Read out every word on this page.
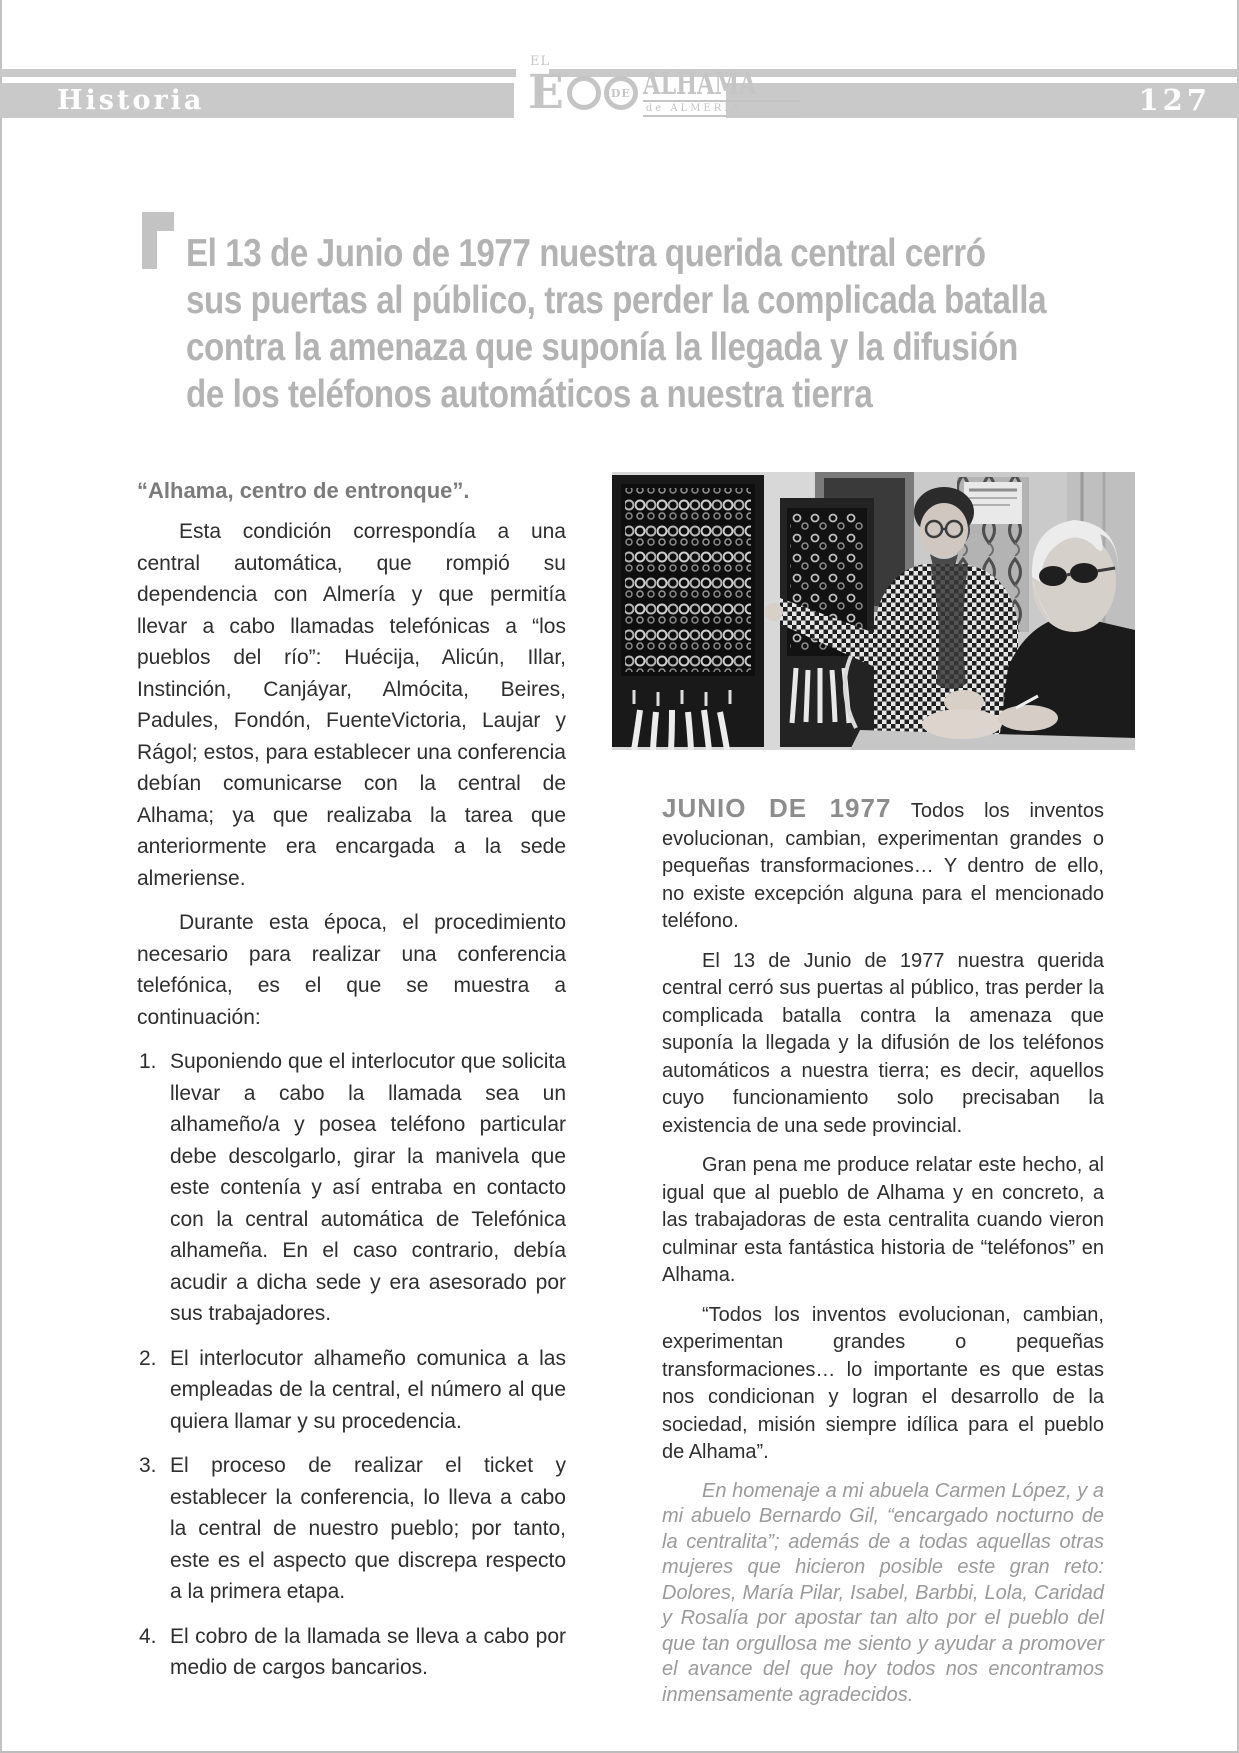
Historia	127
EL
E	DE ALHAMA
de ALMERÍA
El 13 de Junio de 1977 nuestra querida central cerró
sus puertas al público, tras perder la complicada batalla
contra la amenaza que suponía la llegada y la difusión
de los teléfonos automáticos a nuestra tierra
“Alhama, centro de entronque”.

Esta condición correspondía a una central automática, que rompió su dependencia con Almería y que permitía llevar a cabo llamadas telefónicas a “los pueblos del río”: Huécija, Alicún, Illar, Instinción, Canjáyar, Almócita, Beires, Padules, Fondón, FuenteVictoria, Laujar y Rágol; estos, para establecer una conferencia debían comunicarse con la central de Alhama; ya que realizaba la tarea que anteriormente era encargada a la sede almeriense.

Durante esta época, el procedimiento necesario para realizar una conferencia telefónica, es el que se muestra a continuación:

1. Suponiendo que el interlocutor que solicita llevar a cabo la llamada sea un alhameño/a y posea teléfono particular debe descolgarlo, girar la manivela que este contenía y así entraba en contacto con la central automática de Telefónica alhameña. En el caso contrario, debía acudir a dicha sede y era asesorado por sus trabajadores.
2. El interlocutor alhameño comunica a las empleadas de la central, el número al que quiera llamar y su procedencia.
3. El proceso de realizar el ticket y establecer la conferencia, lo lleva a cabo la central de nuestro pueblo; por tanto, este es el aspecto que discrepa respecto a la primera etapa.
4. El cobro de la llamada se lleva a cabo por medio de cargos bancarios.

JUNIO DE 1977 Todos los inventos evolucionan, cambian, experimentan grandes o pequeñas transformaciones… Y dentro de ello, no existe excepción alguna para el mencionado teléfono.

El 13 de Junio de 1977 nuestra querida central cerró sus puertas al público, tras perder la complicada batalla contra la amenaza que suponía la llegada y la difusión de los teléfonos automáticos a nuestra tierra; es decir, aquellos cuyo funcionamiento solo precisaban la existencia de una sede provincial.

Gran pena me produce relatar este hecho, al igual que al pueblo de Alhama y en concreto, a las trabajadoras de esta centralita cuando vieron culminar esta fantástica historia de “teléfonos” en Alhama.

“Todos los inventos evolucionan, cambian, experimentan grandes o pequeñas transformaciones… lo importante es que estas nos condicionan y logran el desarrollo de la sociedad, misión siempre idílica para el pueblo de Alhama”.

En homenaje a mi abuela Carmen López, y a mi abuelo Bernardo Gil, “encargado nocturno de la centralita”; además de a todas aquellas otras mujeres que hicieron posible este gran reto: Dolores, María Pilar, Isabel, Barbbi, Lola, Caridad y Rosalía por apostar tan alto por el pueblo del que tan orgullosa me siento y ayudar a promover el avance del que hoy todos nos encontramos inmensamente agradecidos.
